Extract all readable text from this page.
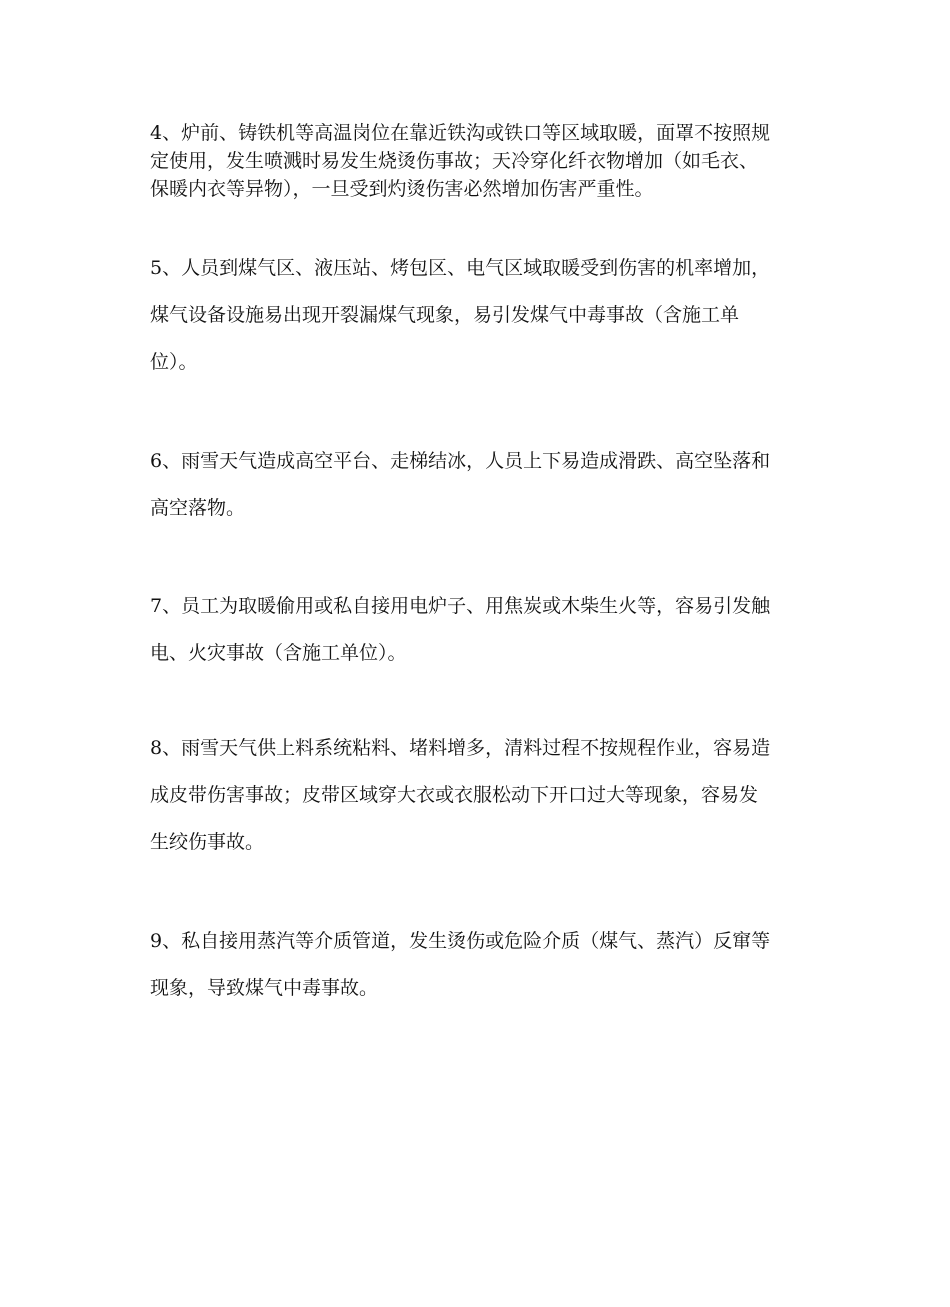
4、炉前、铸铁机等高温岗位在靠近铁沟或铁口等区域取暖，面罩不按照规
定使用，发生喷溅时易发生烧烫伤事故；天冷穿化纤衣物增加（如毛衣、
保暖内衣等异物），一旦受到灼烫伤害必然增加伤害严重性。

5、人员到煤气区、液压站、烤包区、电气区域取暖受到伤害的机率增加，
煤气设备设施易出现开裂漏煤气现象，易引发煤气中毒事故（含施工单
位）。

6、雨雪天气造成高空平台、走梯结冰，人员上下易造成滑跌、高空坠落和
高空落物。

7、员工为取暖偷用或私自接用电炉子、用焦炭或木柴生火等，容易引发触
电、火灾事故（含施工单位）。

8、雨雪天气供上料系统粘料、堵料增多，清料过程不按规程作业，容易造
成皮带伤害事故；皮带区域穿大衣或衣服松动下开口过大等现象，容易发
生绞伤事故。

9、私自接用蒸汽等介质管道，发生烫伤或危险介质（煤气、蒸汽）反窜等
现象，导致煤气中毒事故。
